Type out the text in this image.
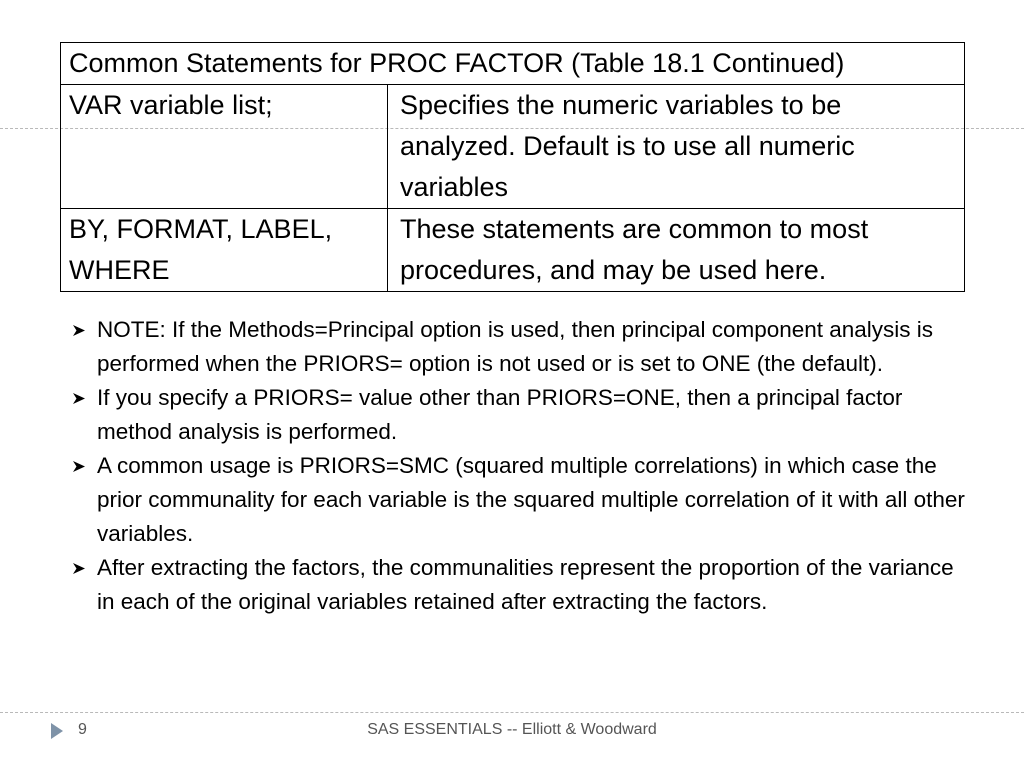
Common Statements for PROC FACTOR (Table 18.1 Continued)	
VAR variable list;	Specifies the numeric variables to be analyzed. Default is to use all numeric variables
BY, FORMAT, LABEL, WHERE	These statements are common to most procedures, and may be used here.
NOTE: If the Methods=Principal option is used, then principal component analysis is performed when the PRIORS= option is not used or is set to ONE (the default).
If you specify a PRIORS= value other than PRIORS=ONE, then a principal factor method analysis is performed.
A common usage is PRIORS=SMC (squared multiple correlations) in which case the prior communality for each variable is the squared multiple correlation of it with all other variables.
After extracting the factors, the communalities represent the proportion of the variance in each of the original variables retained after extracting the factors.
9	SAS ESSENTIALS -- Elliott & Woodward
